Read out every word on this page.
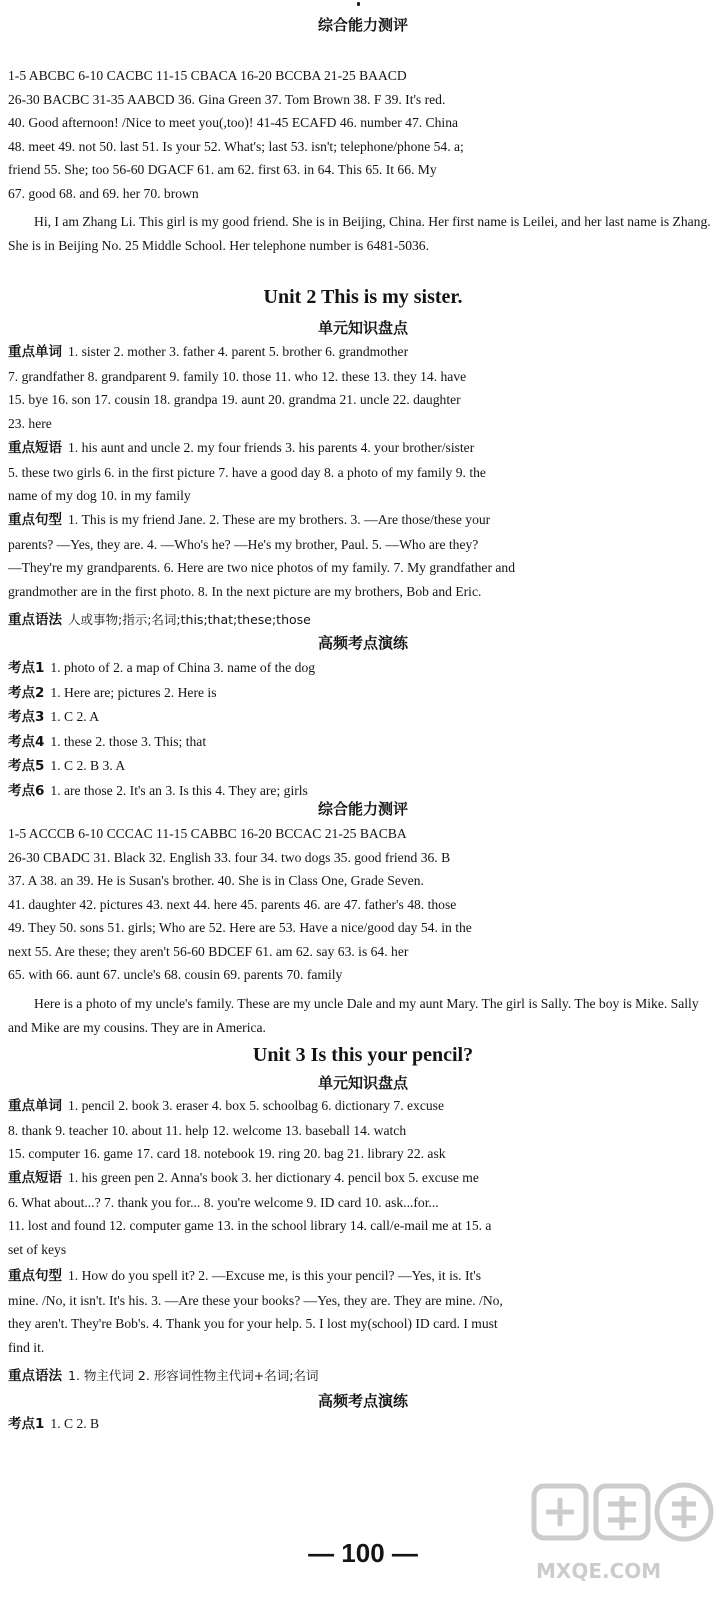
综合能力测评
1-5 ABCBC 6-10 CACBC 11-15 CBACA 16-20 BCCBA 21-25 BAACD
26-30 BACBC 31-35 AABCD 36. Gina Green 37. Tom Brown 38. F 39. It's red.
40. Good afternoon! /Nice to meet you(,too)! 41-45 ECAFD 46. number 47. China
48. meet 49. not 50. last 51. Is your 52. What's; last 53. isn't; telephone/phone 54. a;
friend 55. She; too 56-60 DGACF 61. am 62. first 63. in 64. This 65. It 66. My
67. good 68. and 69. her 70. brown
Hi, I am Zhang Li. This girl is my good friend. She is in Beijing, China. Her first name is Leilei, and her last name is Zhang. She is in Beijing No. 25 Middle School. Her telephone number is 6481-5036.
Unit 2 This is my sister.
单元知识盘点
重点单词 1. sister 2. mother 3. father 4. parent 5. brother 6. grandmother
7. grandfather 8. grandparent 9. family 10. those 11. who 12. these 13. they 14. have
15. bye 16. son 17. cousin 18. grandpa 19. aunt 20. grandma 21. uncle 22. daughter
23. here
重点短语 1. his aunt and uncle 2. my four friends 3. his parents 4. your brother/sister
5. these two girls 6. in the first picture 7. have a good day 8. a photo of my family 9. the
name of my dog 10. in my family
重点句型 1. This is my friend Jane. 2. These are my brothers. 3. —Are those/these your
parents? —Yes, they are. 4. —Who's he? —He's my brother, Paul. 5. —Who are they?
—They're my grandparents. 6. Here are two nice photos of my family. 7. My grandfather and
grandmother are in the first photo. 8. In the next picture are my brothers, Bob and Eric.
重点语法 人或事物;指示;名词;this;that;these;those
高频考点演练
考点1 1. photo of 2. a map of China 3. name of the dog
考点2 1. Here are; pictures 2. Here is
考点3 1. C 2. A
考点4 1. these 2. those 3. This; that
考点5 1. C 2. B 3. A
考点6 1. are those 2. It's an 3. Is this 4. They are; girls
综合能力测评
1-5 ACCCB 6-10 CCCAC 11-15 CABBC 16-20 BCCAC 21-25 BACBA
26-30 CBADC 31. Black 32. English 33. four 34. two dogs 35. good friend 36. B
37. A 38. an 39. He is Susan's brother. 40. She is in Class One, Grade Seven.
41. daughter 42. pictures 43. next 44. here 45. parents 46. are 47. father's 48. those
49. They 50. sons 51. girls; Who are 52. Here are 53. Have a nice/good day 54. in the
next 55. Are these; they aren't 56-60 BDCEF 61. am 62. say 63. is 64. her
65. with 66. aunt 67. uncle's 68. cousin 69. parents 70. family
Here is a photo of my uncle's family. These are my uncle Dale and my aunt Mary. The girl is Sally. The boy is Mike. Sally and Mike are my cousins. They are in America.
Unit 3 Is this your pencil?
单元知识盘点
重点单词 1. pencil 2. book 3. eraser 4. box 5. schoolbag 6. dictionary 7. excuse
8. thank 9. teacher 10. about 11. help 12. welcome 13. baseball 14. watch
15. computer 16. game 17. card 18. notebook 19. ring 20. bag 21. library 22. ask
重点短语 1. his green pen 2. Anna's book 3. her dictionary 4. pencil box 5. excuse me
6. What about...? 7. thank you for... 8. you're welcome 9. ID card 10. ask...for...
11. lost and found 12. computer game 13. in the school library 14. call/e-mail me at 15. a
set of keys
重点句型 1. How do you spell it? 2. —Excuse me, is this your pencil? —Yes, it is. It's
mine. /No, it isn't. It's his. 3. —Are these your books? —Yes, they are. They are mine. /No,
they aren't. They're Bob's. 4. Thank you for your help. 5. I lost my(school) ID card. I must
find it.
重点语法 1. 物主代词 2. 形容词性物主代词+名词;名词
高频考点演练
考点1 1. C 2. B
— 100 —
MXQE.COM
